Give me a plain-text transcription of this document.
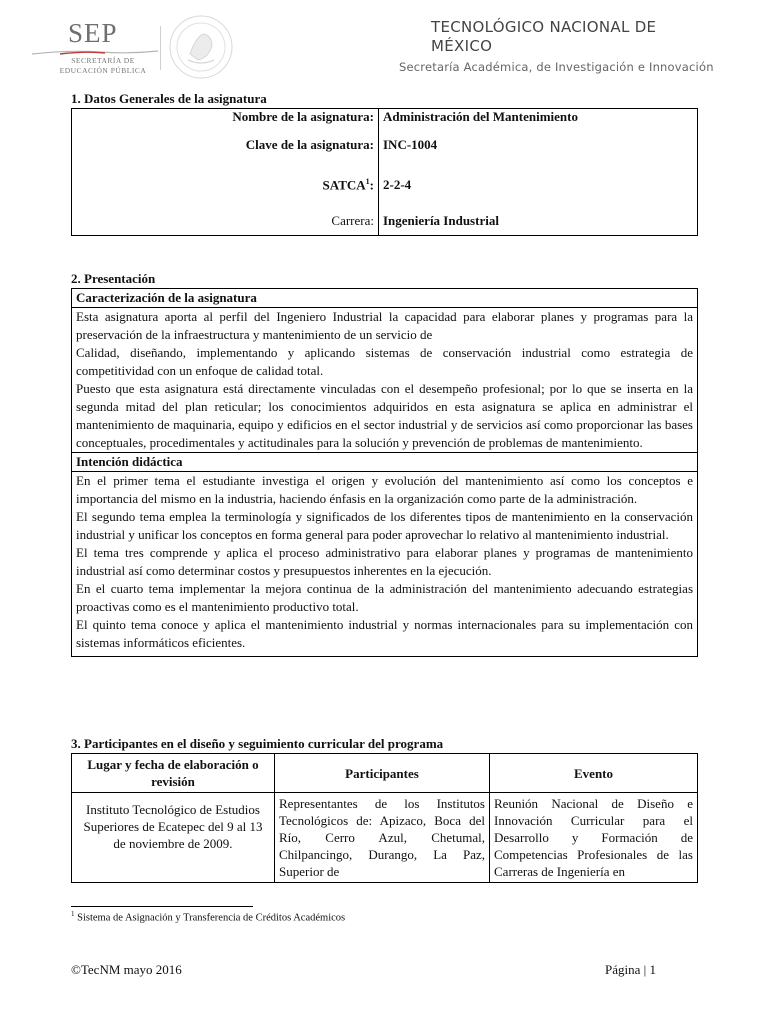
SEP
SECRETARÍA DE
EDUCACIÓN PÚBLICA
TECNOLÓGICO NACIONAL DE
MÉXICO
Secretaría Académica, de Investigación e Innovación
1. Datos Generales de la asignatura
Nombre de la asignatura:	Administración del Mantenimiento
Clave de la asignatura:	INC-1004
SATCA$^1$:	2-2-4
Carrera:	Ingeniería Industrial
2. Presentación
Caracterización de la asignatura

Esta asignatura aporta al perfil del Ingeniero Industrial la capacidad para elaborar planes y programas para la preservación de la infraestructura y mantenimiento de un servicio de

Calidad, diseñando, implementando y aplicando sistemas de conservación industrial como estrategia de competitividad con un enfoque de calidad total.

Puesto que esta asignatura está directamente vinculadas con el desempeño profesional; por lo que se inserta en la segunda mitad del plan reticular; los conocimientos adquiridos en esta asignatura se aplica en administrar el mantenimiento de maquinaria, equipo y edificios en el sector industrial y de servicios así como proporcionar las bases conceptuales, procedimentales y actitudinales para la solución y prevención de problemas de mantenimiento.

Intención didáctica

En el primer tema el estudiante investiga el origen y evolución del mantenimiento así como los conceptos e importancia del mismo en la industria, haciendo énfasis en la organización como parte de la administración.

El segundo tema emplea la terminología y significados de los diferentes tipos de mantenimiento en la conservación industrial y unificar los conceptos en forma general para poder aprovechar lo relativo al mantenimiento industrial.

El tema tres comprende y aplica el proceso administrativo para elaborar planes y programas de mantenimiento industrial así como determinar costos y presupuestos inherentes en la ejecución.

En el cuarto tema implementar la mejora continua de la administración del mantenimiento adecuando estrategias proactivas como es el mantenimiento productivo total.

El quinto tema conoce y aplica el mantenimiento industrial y normas internacionales para su implementación con sistemas informáticos eficientes.

3. Participantes en el diseño y seguimiento curricular del programa
Lugar y fecha de elaboración o revisión	Participantes	Evento
Instituto Tecnológico de Estudios Superiores de Ecatepec del 9 al 13 de noviembre de 2009.	Representantes de los Institutos Tecnológicos de: Apizaco, Boca del Río, Cerro Azul, Chetumal, Chilpancingo, Durango, La Paz, Superior de	Reunión Nacional de Diseño e Innovación Curricular para el Desarrollo y Formación de Competencias Profesionales de las Carreras de Ingeniería en
$^1$ Sistema de Asignación y Transferencia de Créditos Académicos
©TecNM mayo 2016	Página | 1
